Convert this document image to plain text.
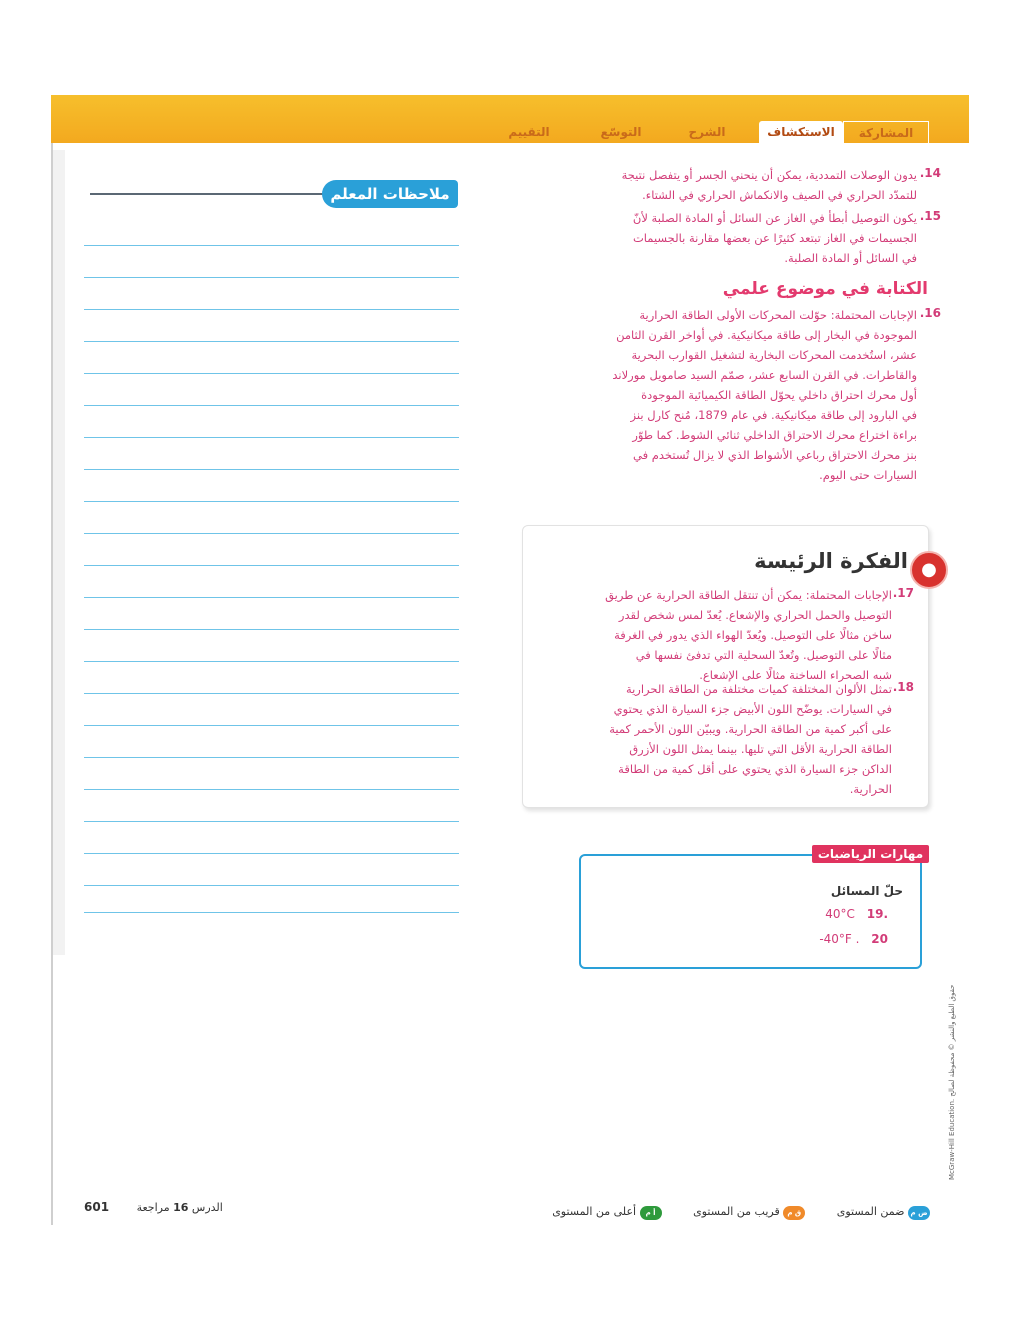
المشاركة
الاستكشاف
الشرح
التوسّع
التقييم
ملاحظات المعلم
14.
يدون الوصلات التمددية، يمكن أن ينحني الجسر أو يتفصل نتيجة
للتمدّد الحراري في الصيف والانكماش الحراري في الشتاء.
15.
يكون التوصيل أبطأ في الغاز عن السائل أو المادة الصلبة لأنّ
الجسيمات في الغاز تبتعد كثيرًا عن بعضها مقارنة بالجسيمات
في السائل أو المادة الصلبة.
الكتابة في موضوع علمي
16.
الإجابات المحتملة: حوّلت المحركات الأولى الطاقة الحرارية
الموجودة في البخار إلى طاقة ميكانيكية. في أواخر القرن الثامن
عشر، استُخدمت المحركات البخارية لتشغيل القوارب البحرية
والقاطرات. في القرن السابع عشر، صمّم السيد صامويل مورلاند
أول محرك احتراق داخلي يحوّل الطاقة الكيميائية الموجودة
في البارود إلى طاقة ميكانيكية. في عام 1879، مُنح كارل بنز
براءة اختراع محرك الاحتراق الداخلي ثنائي الشوط. كما طوّر
بنز محرك الاحتراق رباعي الأشواط الذي لا يزال تُستخدم في
السيارات حتى اليوم.
●
الفكرة الرئيسة
17.
الإجابات المحتملة: يمكن أن تنتقل الطاقة الحرارية عن طريق
التوصيل والحمل الحراري والإشعاع. يُعدّ لمس شخص لقدر
ساخن مثالًا على التوصيل. ويُعدّ الهواء الذي يدور في الغرفة
مثالًا على التوصيل. وتُعدّ السحلية التي تدفئ نفسها في
شبه الصحراء الساخنة مثالًا على الإشعاع.
18.
تمثل الألوان المختلفة كميات مختلفة من الطاقة الحرارية
في السيارات. يوضّح اللون الأبيض جزء السيارة الذي يحتوي
على أكبر كمية من الطاقة الحرارية. ويبيّن اللون الأحمر كمية
الطاقة الحرارية الأقل التي تليها. بينما يمثل اللون الأزرق
الداكن جزء السيارة الذي يحتوي على أقل كمية من الطاقة
الحرارية.
مهارات الرياضيات
حلّ المسائل
.19 40°C
20 -40°F .
McGraw-Hill Education. حقوق الطبع والنشر © محفوظة لصالح
601	الدرس 16 مراجعة	ض م ضمن المستوى ق م قريب من المستوى أ م أعلى من المستوى
